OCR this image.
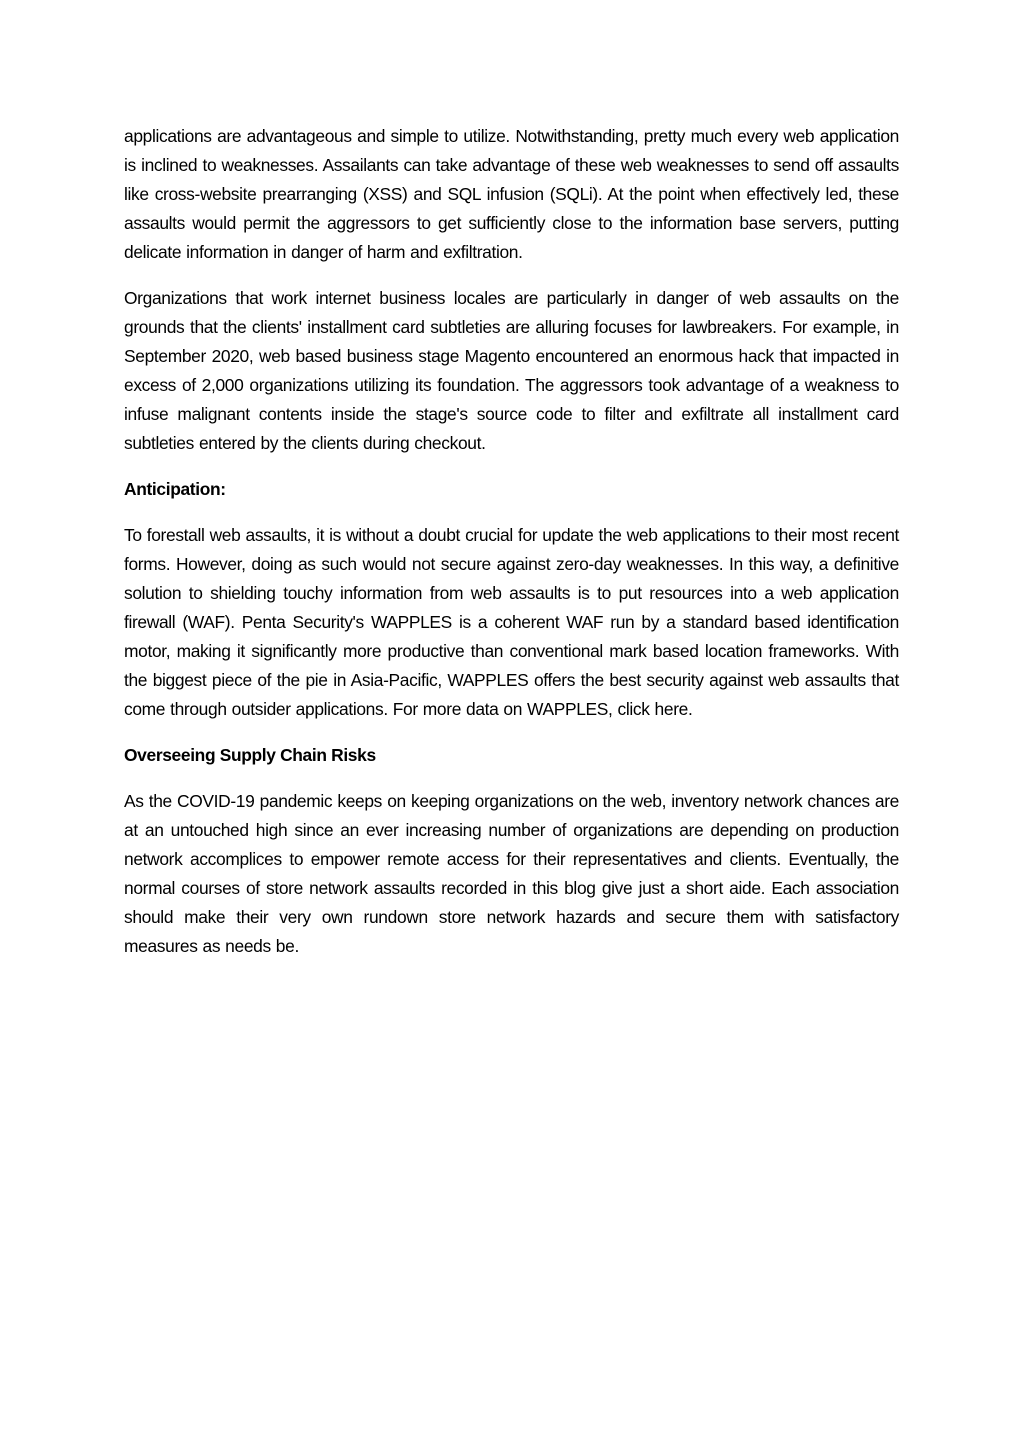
applications are advantageous and simple to utilize. Notwithstanding, pretty much every web application is inclined to weaknesses. Assailants can take advantage of these web weaknesses to send off assaults like cross-website prearranging (XSS) and SQL infusion (SQLi). At the point when effectively led, these assaults would permit the aggressors to get sufficiently close to the information base servers, putting delicate information in danger of harm and exfiltration.

Organizations that work internet business locales are particularly in danger of web assaults on the grounds that the clients' installment card subtleties are alluring focuses for lawbreakers. For example, in September 2020, web based business stage Magento encountered an enormous hack that impacted in excess of 2,000 organizations utilizing its foundation. The aggressors took advantage of a weakness to infuse malignant contents inside the stage's source code to filter and exfiltrate all installment card subtleties entered by the clients during checkout.

Anticipation:

To forestall web assaults, it is without a doubt crucial for update the web applications to their most recent forms. However, doing as such would not secure against zero-day weaknesses. In this way, a definitive solution to shielding touchy information from web assaults is to put resources into a web application firewall (WAF). Penta Security's WAPPLES is a coherent WAF run by a standard based identification motor, making it significantly more productive than conventional mark based location frameworks. With the biggest piece of the pie in Asia-Pacific, WAPPLES offers the best security against web assaults that come through outsider applications. For more data on WAPPLES, click here.

Overseeing Supply Chain Risks

As the COVID-19 pandemic keeps on keeping organizations on the web, inventory network chances are at an untouched high since an ever increasing number of organizations are depending on production network accomplices to empower remote access for their representatives and clients. Eventually, the normal courses of store network assaults recorded in this blog give just a short aide. Each association should make their very own rundown store network hazards and secure them with satisfactory measures as needs be.
